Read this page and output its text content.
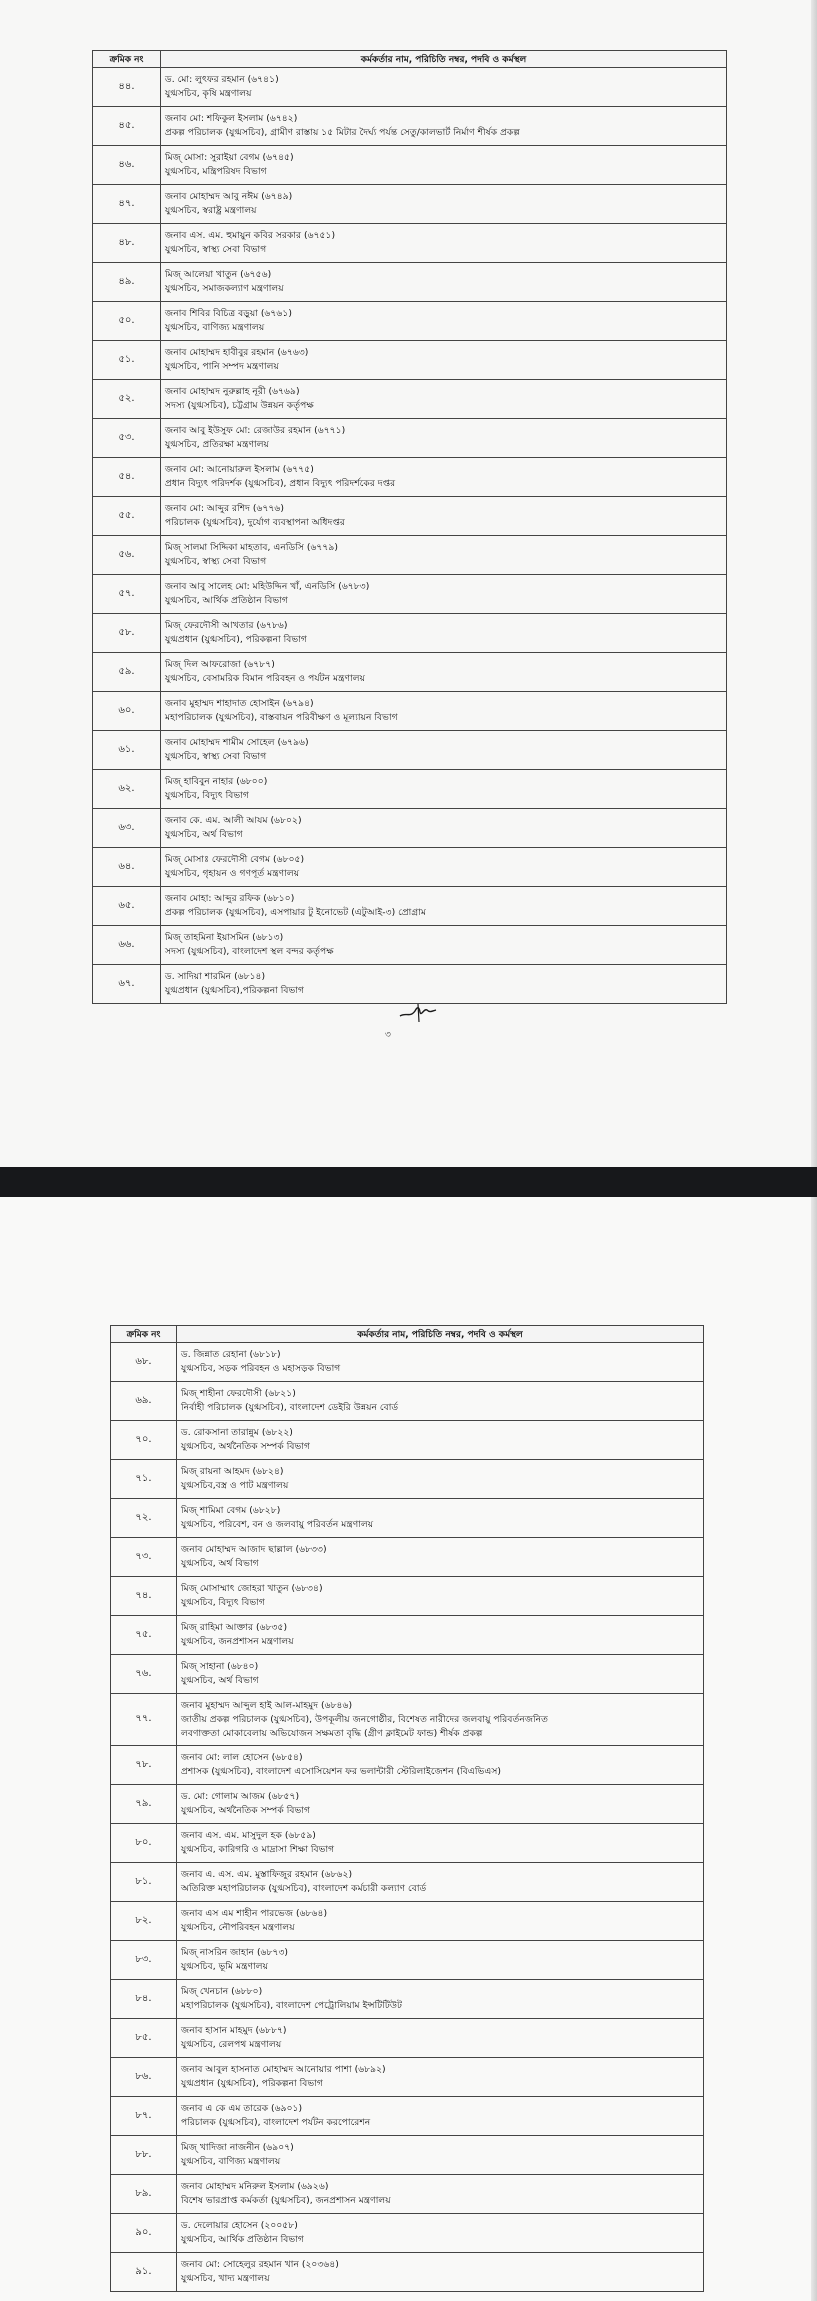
ক্রমিক নং	কর্মকর্তার নাম, পরিচিতি নম্বর, পদবি ও কর্মস্থল
৪৪.	ড. মো: লুৎফর রহমান (৬৭৪১)
যুগ্মসচিব, কৃষি মন্ত্রণালয়

৪৫.	জনাব মো: শফিকুল ইসলাম (৬৭৪২)
প্রকল্প পরিচালক (যুগ্মসচিব), গ্রামীণ রাস্তায় ১৫ মিটার দৈর্ঘ্য পর্যন্ত সেতু/কালভার্ট নির্মাণ শীর্ষক প্রকল্প

৪৬.	মিজ্ মোসা: সুরাইয়া বেগম (৬৭৪৫)
যুগ্মসচিব, মন্ত্রিপরিষদ বিভাগ

৪৭.	জনাব মোহাম্মদ আবু নঈম (৬৭৪৯)
যুগ্মসচিব, স্বরাষ্ট্র মন্ত্রণালয়

৪৮.	জনাব এস. এম. হুমায়ুন কবির সরকার (৬৭৫১)
যুগ্মসচিব, স্বাস্থ্য সেবা বিভাগ

৪৯.	মিজ্ আলেয়া খাতুন (৬৭৫৬)
যুগ্মসচিব, সমাজকল্যাণ মন্ত্রণালয়

৫০.	জনাব শিবির বিচিত্র বড়ুয়া (৬৭৬১)
যুগ্মসচিব, বাণিজ্য মন্ত্রণালয়

৫১.	জনাব মোহাম্মদ হাবীবুর রহমান (৬৭৬৩)
যুগ্মসচিব, পানি সম্পদ মন্ত্রণালয়

৫২.	জনাব মোহাম্মদ নুরুল্লাহ নূরী (৬৭৬৯)
সদস্য (যুগ্মসচিব), চট্টগ্রাম উন্নয়ন কর্তৃপক্ষ

৫৩.	জনাব আবু ইউসুফ মো: রেজাউর রহমান (৬৭৭১)
যুগ্মসচিব, প্রতিরক্ষা মন্ত্রণালয়

৫৪.	জনাব মো: আনোয়ারুল ইসলাম (৬৭৭৫)
প্রধান বিদ্যুৎ পরিদর্শক (যুগ্মসচিব), প্রধান বিদ্যুৎ পরিদর্শকের দপ্তর

৫৫.	জনাব মো: আব্দুর রশিদ (৬৭৭৬)
পরিচালক (যুগ্মসচিব), দুর্যোগ ব্যবস্থাপনা অধিদপ্তর

৫৬.	মিজ্ সালমা সিদ্দিকা মাহতাব, এনডিসি (৬৭৭৯)
যুগ্মসচিব, স্বাস্থ্য সেবা বিভাগ

৫৭.	জনাব আবু সালেহ মো: মহিউদ্দিন খাঁ, এনডিসি (৬৭৮৩)
যুগ্মসচিব, আর্থিক প্রতিষ্ঠান বিভাগ

৫৮.	মিজ্ ফেরদৌসী আখতার (৬৭৮৬)
যুগ্মপ্রধান (যুগ্মসচিব), পরিকল্পনা বিভাগ

৫৯.	মিজ্ দিল আফরোজা (৬৭৮৭)
যুগ্মসচিব, বেসামরিক বিমান পরিবহন ও পর্যটন মন্ত্রণালয়

৬০.	জনাব মুহাম্মদ শাহাদাত হোসাইন (৬৭৯৪)
মহাপরিচালক (যুগ্মসচিব), বাস্তবায়ন পরিবীক্ষণ ও মূল্যায়ন বিভাগ

৬১.	জনাব মোহাম্মদ শামীম সোহেল (৬৭৯৬)
যুগ্মসচিব, স্বাস্থ্য সেবা বিভাগ

৬২.	মিজ্ হাবিবুন নাহার (৬৮০০)
যুগ্মসচিব, বিদ্যুৎ বিভাগ

৬৩.	জনাব কে. এম. আলী আযম (৬৮০২)
যুগ্মসচিব, অর্থ বিভাগ

৬৪.	মিজ্ মোসাঃ ফেরদৌসী বেগম (৬৮০৫)
যুগ্মসচিব, গৃহায়ন ও গণপূর্ত মন্ত্রণালয়

৬৫.	জনাব মোহা: আব্দুর রফিক (৬৮১০)
প্রকল্প পরিচালক (যুগ্মসচিব), এসপায়ার টু ইনোভেট (এটুআই-৩) প্রোগ্রাম

৬৬.	মিজ্ তাহমিনা ইয়াসমিন (৬৮১৩)
সদস্য (যুগ্মসচিব), বাংলাদেশ স্থল বন্দর কর্তৃপক্ষ

৬৭.	ড. সাদিয়া শারমিন (৬৮১৪)
যুগ্মপ্রধান (যুগ্মসচিব),পরিকল্পনা বিভাগ
৩
ক্রমিক নং	কর্মকর্তার নাম, পরিচিতি নম্বর, পদবি ও কর্মস্থল
৬৮.	ড. জিন্নাত রেহানা (৬৮১৮)
যুগ্মসচিব, সড়ক পরিবহন ও মহাসড়ক বিভাগ

৬৯.	মিজ্ শাহীনা ফেরদৌসী (৬৮২১)
নির্বাহী পরিচালক (যুগ্মসচিব), বাংলাদেশ ডেইরি উন্নয়ন বোর্ড

৭০.	ড. রোকসানা তারান্নুম (৬৮২২)
যুগ্মসচিব, অর্থনৈতিক সম্পর্ক বিভাগ

৭১.	মিজ্ রায়না আহমদ (৬৮২৪)
যুগ্মসচিব,বস্ত্র ও পাট মন্ত্রণালয়

৭২.	মিজ্ শামিমা বেগম (৬৮২৮)
যুগ্মসচিব, পরিবেশ, বন ও জলবায়ু পরিবর্তন মন্ত্রণালয়

৭৩.	জনাব মোহাম্মদ আজাদ ছাল্লাল (৬৮৩৩)
যুগ্মসচিব, অর্থ বিভাগ

৭৪.	মিজ্ মোসাম্মাৎ জোহরা খাতুন (৬৮৩৪)
যুগ্মসচিব, বিদ্যুৎ বিভাগ

৭৫.	মিজ্ রাহিমা আক্তার (৬৮৩৫)
যুগ্মসচিব, জনপ্রশাসন মন্ত্রণালয়

৭৬.	মিজ্ সাহানা (৬৮৪০)
যুগ্মসচিব, অর্থ বিভাগ

৭৭.	জনাব মুহাম্মদ আব্দুল হাই আল-মাহমুদ (৬৮৪৬)
জাতীয় প্রকল্প পরিচালক (যুগ্মসচিব), উপকূলীয় জনগোষ্ঠীর, বিশেষত নারীদের জলবায়ু পরিবর্তনজনিত
লবণাক্ততা মোকাবেলায় অভিযোজন সক্ষমতা বৃদ্ধি (গ্রীণ ক্লাইমেট ফান্ড) শীর্ষক প্রকল্প

৭৮.	জনাব মো: লাল হোসেন (৬৮৫৪)
প্রশাসক (যুগ্মসচিব), বাংলাদেশ এসোসিয়েশন ফর ভলান্টারী স্টেরিলাইজেশন (বিএভিএস)

৭৯.	ড. মো: গোলাম আজম (৬৮৫৭)
যুগ্মসচিব, অর্থনৈতিক সম্পর্ক বিভাগ

৮০.	জনাব এস. এম. মাসুদুল হক (৬৮৫৯)
যুগ্মসচিব, কারিগরি ও মাদ্রাসা শিক্ষা বিভাগ

৮১.	জনাব এ. এস. এম. মুস্তাফিজুর রহমান (৬৮৬২)
অতিরিক্ত মহাপরিচালক (যুগ্মসচিব), বাংলাদেশ কর্মচারী কল্যাণ বোর্ড

৮২.	জনাব এস এম শাহীন পারভেজ (৬৮৬৪)
যুগ্মসচিব, নৌপরিবহন মন্ত্রণালয়

৮৩.	মিজ্ নাসরিন জাহান (৬৮৭৩)
যুগ্মসচিব, ভূমি মন্ত্রণালয়

৮৪.	মিজ্ খেনচান (৬৮৮০)
মহাপরিচালক (যুগ্মসচিব), বাংলাদেশ পেট্রোলিয়াম ইন্সটিটিউট

৮৫.	জনাব হাসান মাহমুদ (৬৮৮৭)
যুগ্মসচিব, রেলপথ মন্ত্রণালয়

৮৬.	জনাব আবুল হাসনাত মোহাম্মদ আনোয়ার পাশা (৬৮৯২)
যুগ্মপ্রধান (যুগ্মসচিব), পরিকল্পনা বিভাগ

৮৭.	জনাব এ কে এম তারেক (৬৯০১)
পরিচালক (যুগ্মসচিব), বাংলাদেশ পর্যটন করপোরেশন

৮৮.	মিজ্ খাদিজা নাজনীন (৬৯০৭)
যুগ্মসচিব, বাণিজ্য মন্ত্রণালয়

৮৯.	জনাব মোহাম্মদ মনিরুল ইসলাম (৬৯২৬)
বিশেষ ভারপ্রাপ্ত কর্মকর্তা (যুগ্মসচিব), জনপ্রশাসন মন্ত্রণালয়

৯০.	ড. দেলোয়ার হোসেন (২০০৫৮)
যুগ্মসচিব, আর্থিক প্রতিষ্ঠান বিভাগ

৯১.	জনাব মো: সোহেলুর রহমান খান (২০৩৬৪)
যুগ্মসচিব, খাদ্য মন্ত্রণালয়
